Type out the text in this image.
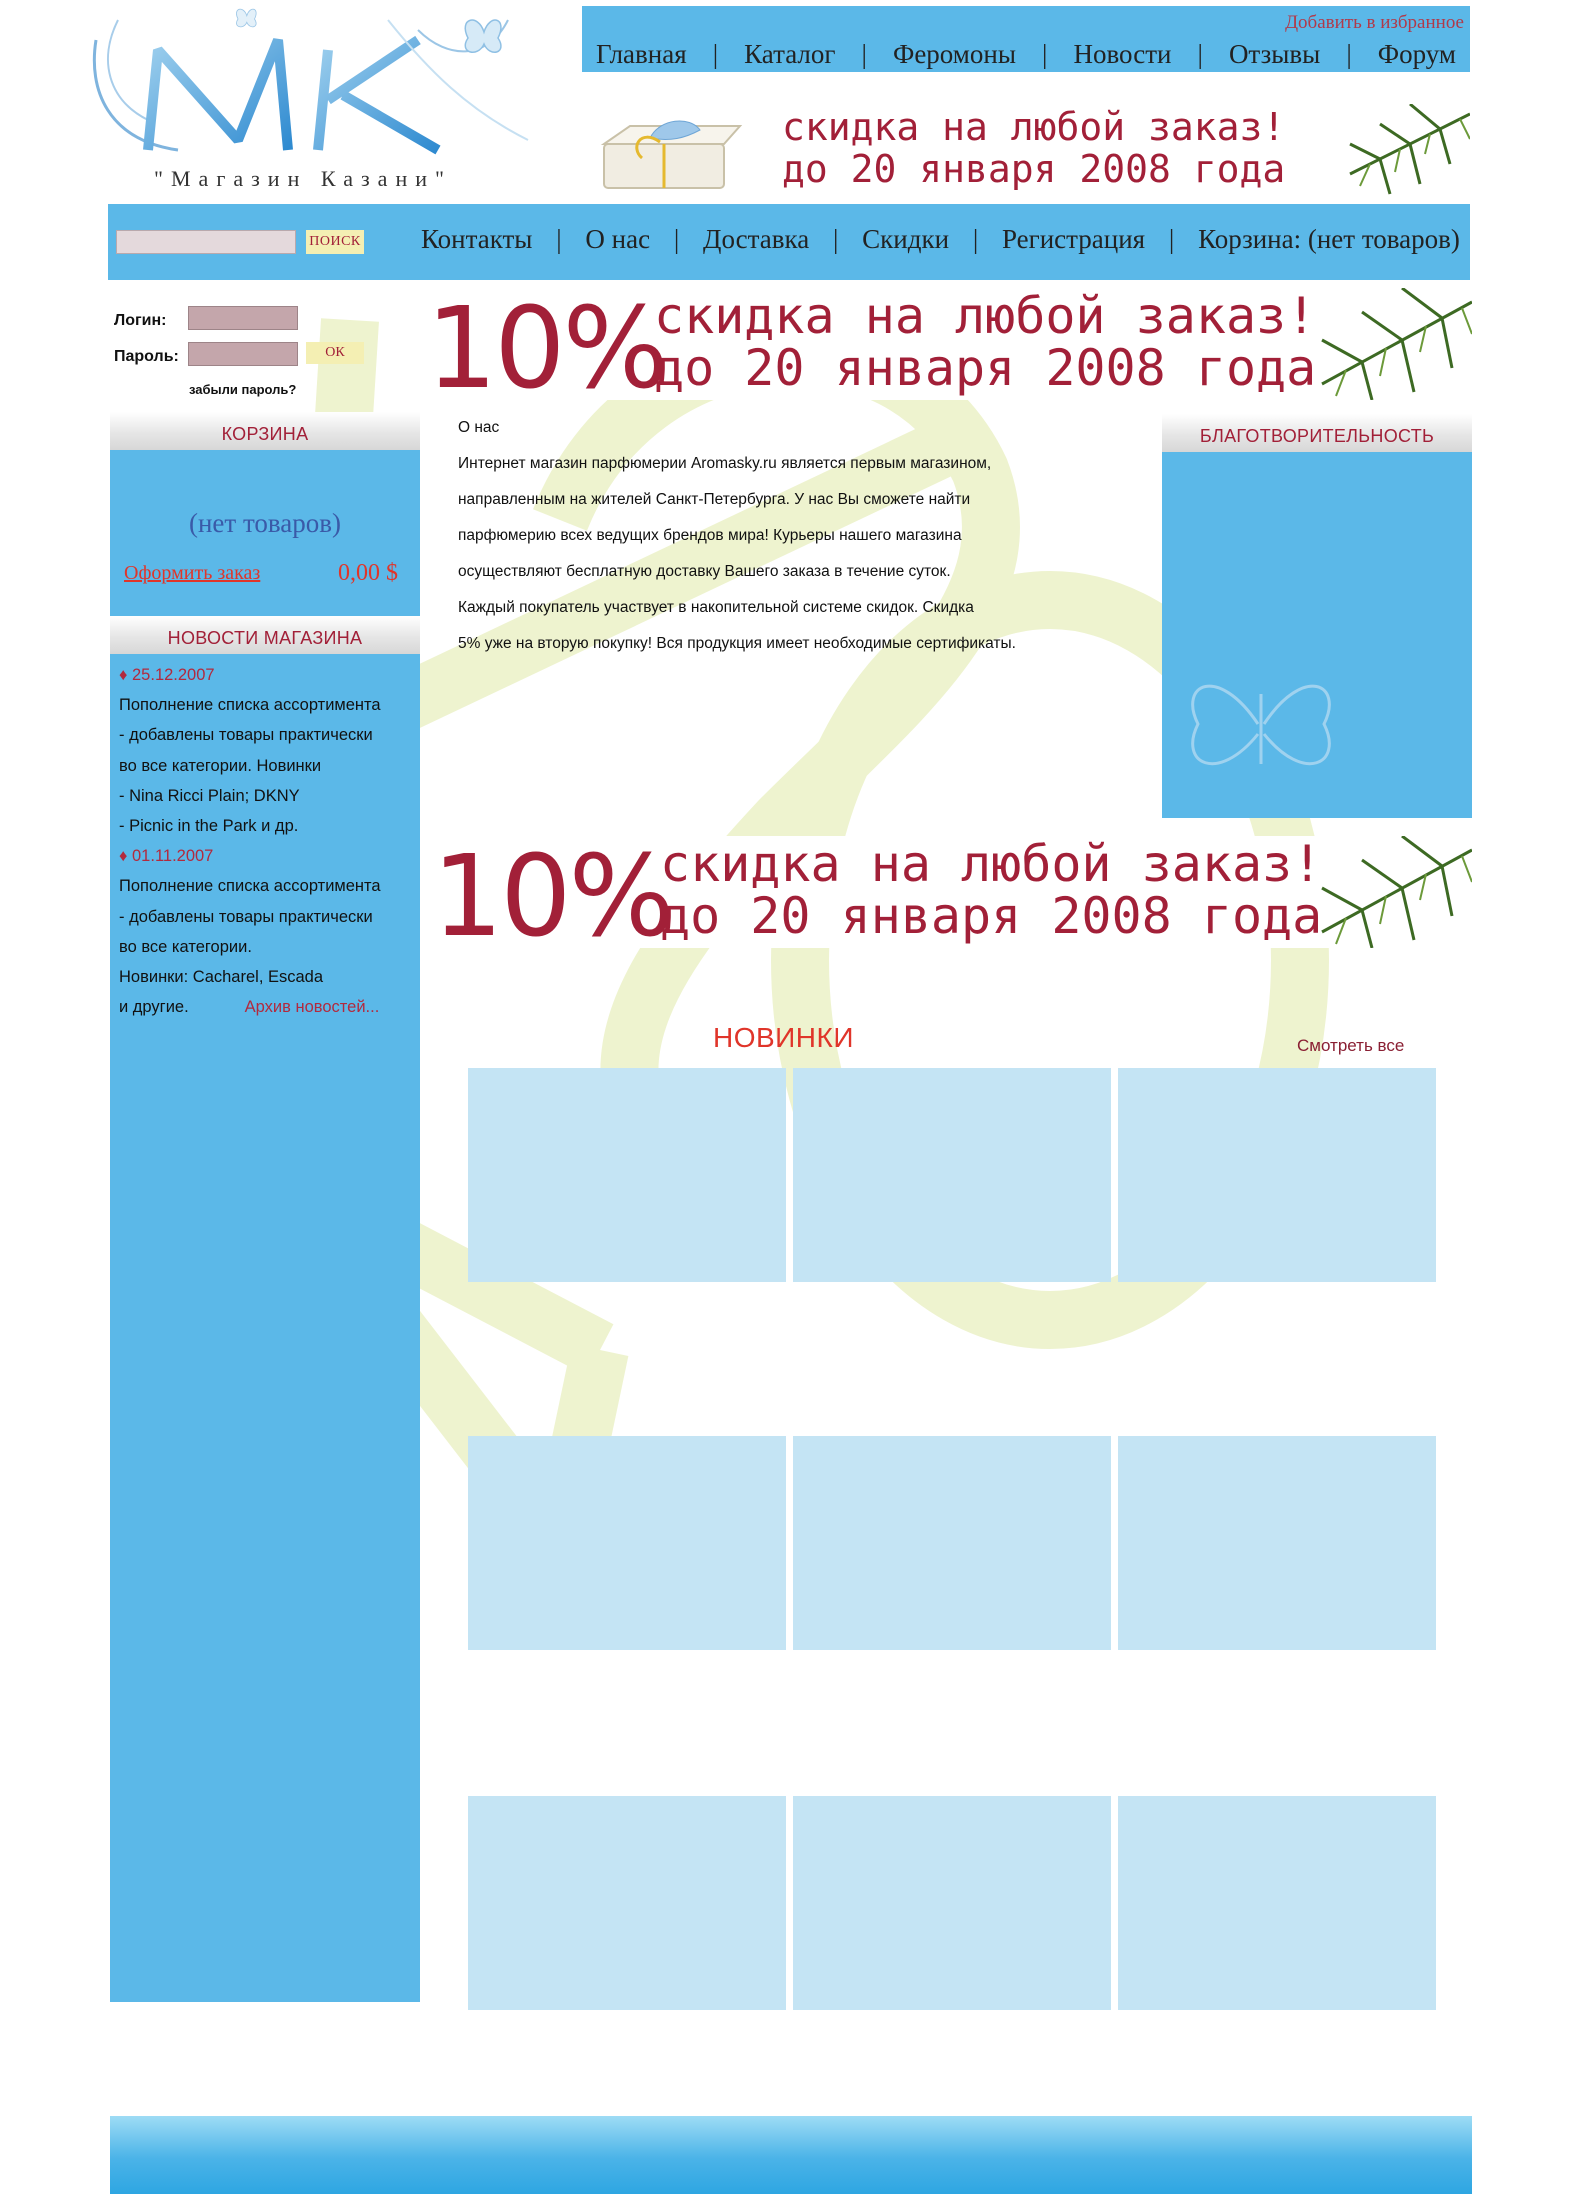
"Магазин Казани"
Добавить в избранное
Главная | Каталог | Феромоны | Новости | Отзывы | Форум
скидка на любой заказ!
до 20 января 2008 года
ПОИСК Контакты | О нас | Доставка | Скидки | Регистрация | Корзина: (нет товаров)
Логин:
Пароль:	ОК
забыли пароль?
КОРЗИНА
(нет товаров)
Оформить заказ	0,00 $
НОВОСТИ МАГАЗИНА
♦ 25.12.2007
Пополнение списка ассортимента
- добавлены товары практически
во все категории. Новинки
- Nina Ricci Plain; DKNY
- Picnic in the Park и др.
♦ 01.11.2007
Пополнение списка ассортимента
- добавлены товары практически
во все категории.
Новинки: Cacharel, Escada
и другие.	Архив новостей...
10%
скидка на любой заказ!
до 20 января 2008 года
О нас
Интернет магазин парфюмерии Aromasky.ru является первым магазином,
направленным на жителей Санкт-Петербурга. У нас Вы сможете найти
парфюмерию всех ведущих брендов мира! Курьеры нашего магазина
осуществляют бесплатную доставку Вашего заказа в течение суток.
Каждый покупатель участвует в накопительной системе скидок. Скидка
5% уже на вторую покупку! Вся продукция имеет необходимые сертификаты.
БЛАГОТВОРИТЕЛЬНОСТЬ
10%
скидка на любой заказ!
до 20 января 2008 года
НОВИНКИ	Смотреть все
